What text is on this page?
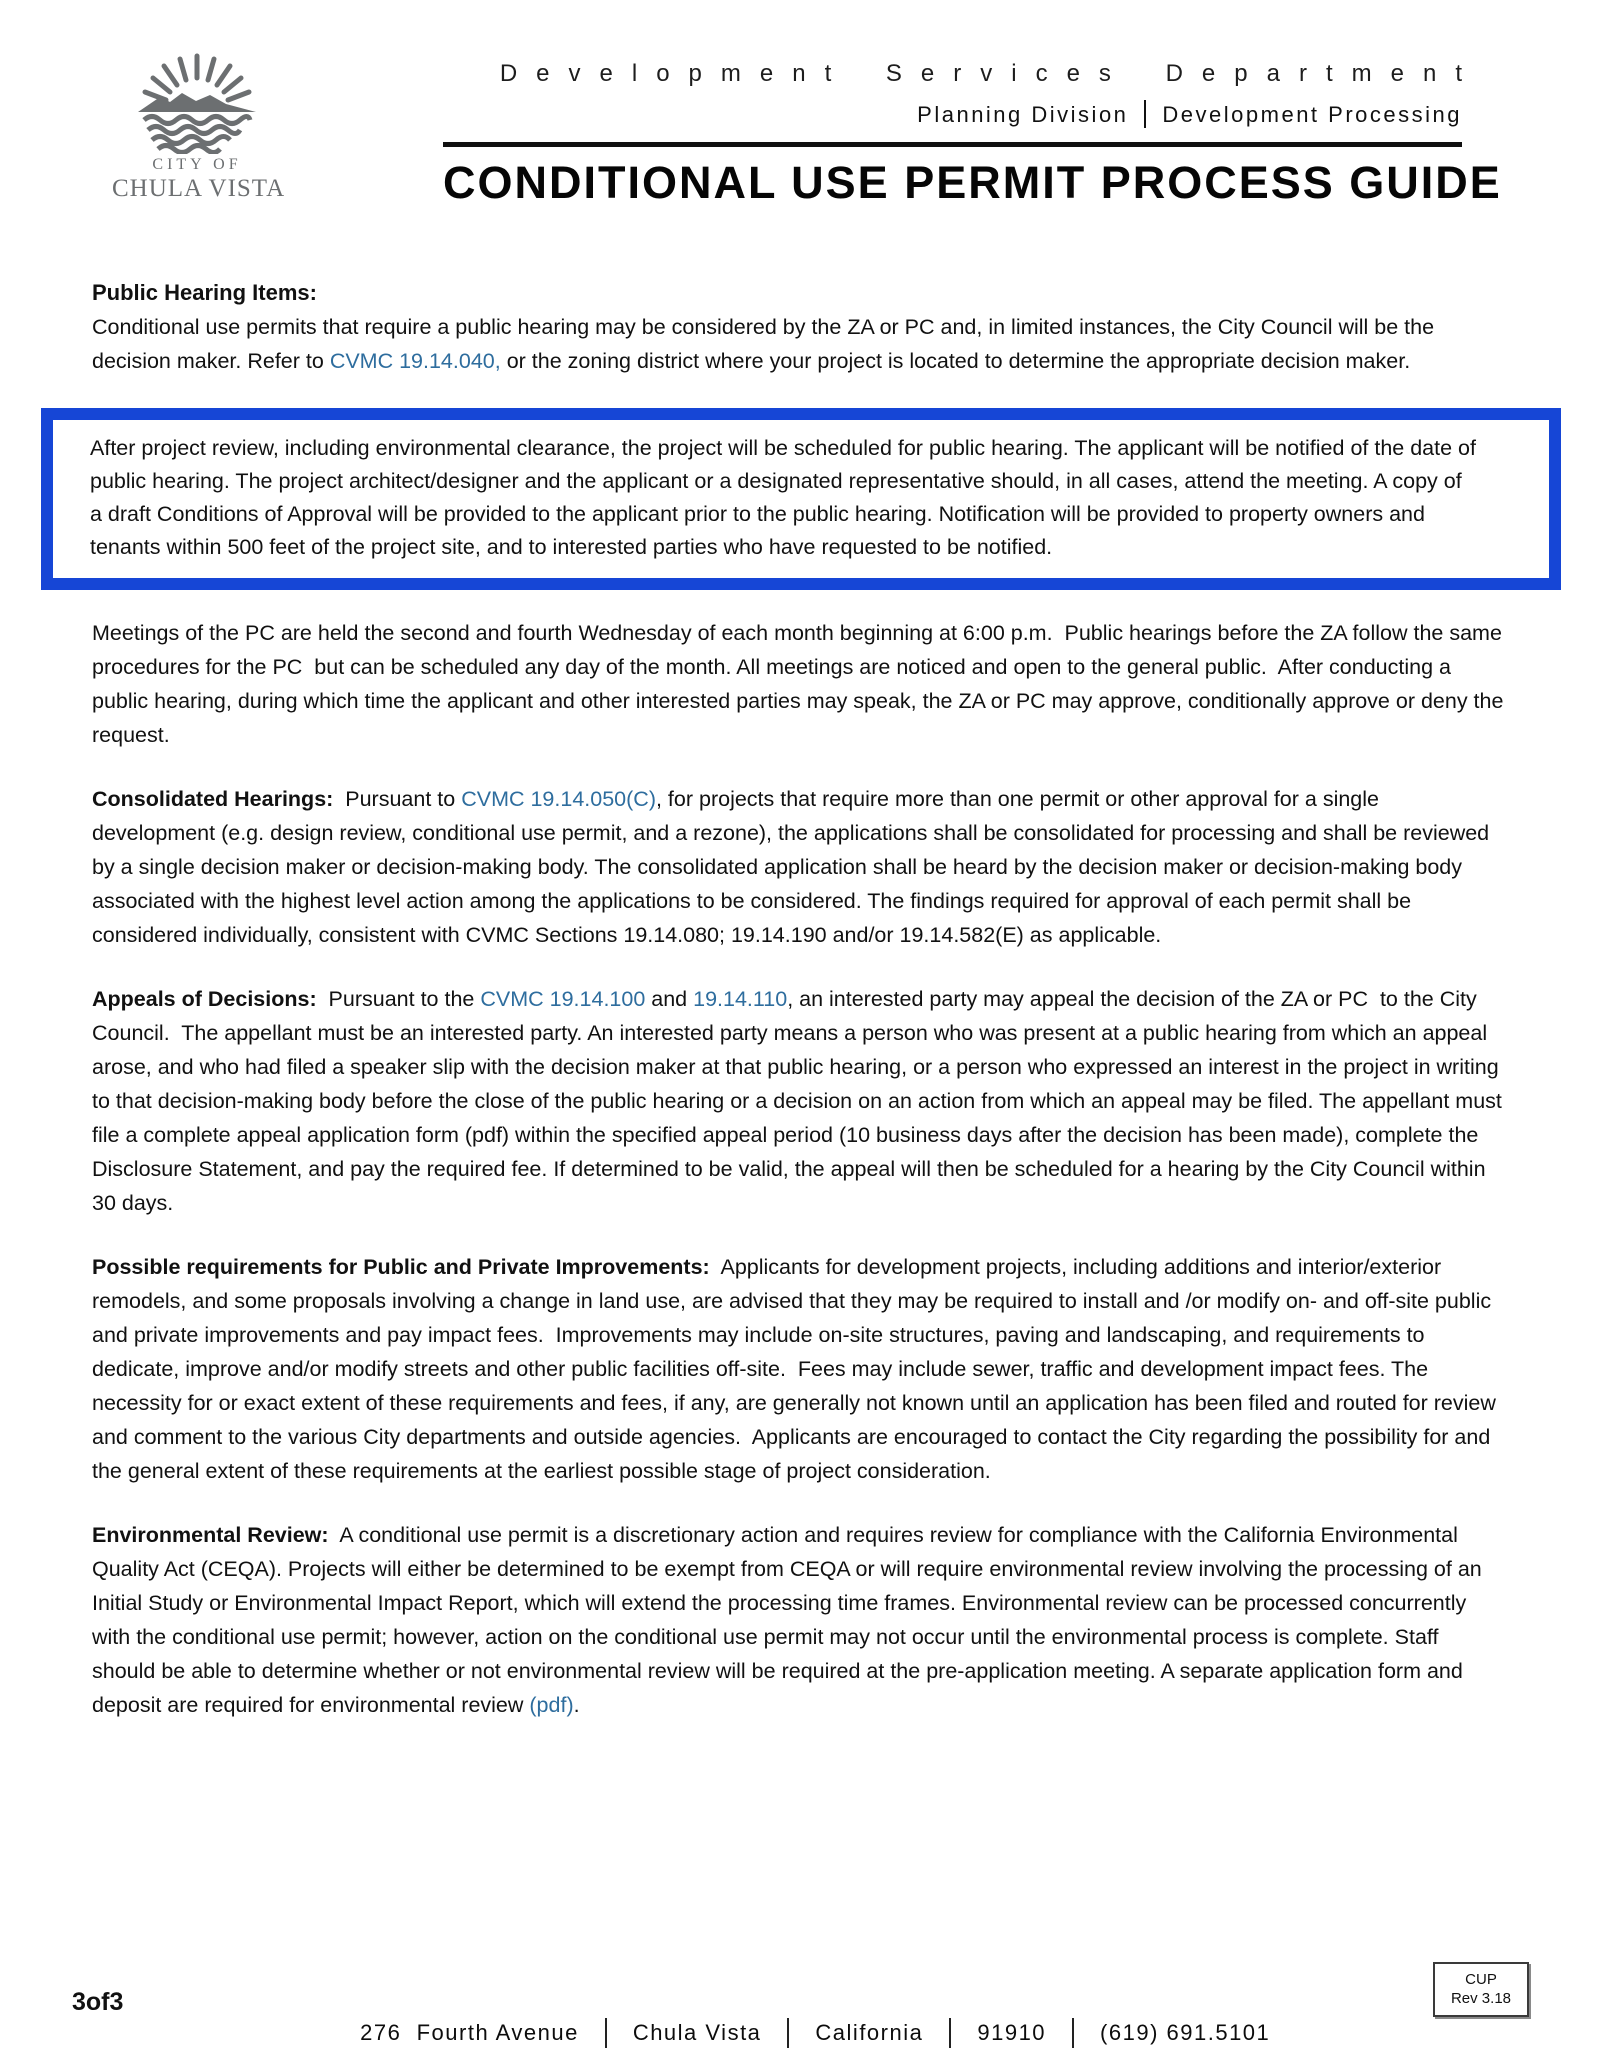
CITY OF
CHULA VISTA
Development Services Department
Planning Division Development Processing
CONDITIONAL USE PERMIT PROCESS GUIDE
Public Hearing Items:
Conditional use permits that require a public hearing may be considered by the ZA or PC and, in limited instances, the City Council will be the decision maker. Refer to CVMC 19.14.040, or the zoning district where your project is located to determine the appropriate decision maker.
After project review, including environmental clearance, the project will be scheduled for public hearing. The applicant will be notified of the date of public hearing. The project architect/designer and the applicant or a designated representative should, in all cases, attend the meeting. A copy of a draft Conditions of Approval will be provided to the applicant prior to the public hearing. Notification will be provided to property owners and tenants within 500 feet of the project site, and to interested parties who have requested to be notified.
Meetings of the PC are held the second and fourth Wednesday of each month beginning at 6:00 p.m.  Public hearings before the ZA follow the same procedures for the PC  but can be scheduled any day of the month. All meetings are noticed and open to the general public.  After conducting a public hearing, during which time the applicant and other interested parties may speak, the ZA or PC may approve, conditionally approve or deny the request.
Consolidated Hearings:  Pursuant to CVMC 19.14.050(C), for projects that require more than one permit or other approval for a single development (e.g. design review, conditional use permit, and a rezone), the applications shall be consolidated for processing and shall be reviewed by a single decision maker or decision-making body. The consolidated application shall be heard by the decision maker or decision-making body associated with the highest level action among the applications to be considered. The findings required for approval of each permit shall be considered individually, consistent with CVMC Sections 19.14.080; 19.14.190 and/or 19.14.582(E) as applicable.
Appeals of Decisions:  Pursuant to the CVMC 19.14.100 and 19.14.110, an interested party may appeal the decision of the ZA or PC  to the City Council.  The appellant must be an interested party. An interested party means a person who was present at a public hearing from which an appeal arose, and who had filed a speaker slip with the decision maker at that public hearing, or a person who expressed an interest in the project in writing to that decision-making body before the close of the public hearing or a decision on an action from which an appeal may be filed. The appellant must file a complete appeal application form (pdf) within the specified appeal period (10 business days after the decision has been made), complete the Disclosure Statement, and pay the required fee. If determined to be valid, the appeal will then be scheduled for a hearing by the City Council within 30 days.
Possible requirements for Public and Private Improvements:  Applicants for development projects, including additions and interior/exterior remodels, and some proposals involving a change in land use, are advised that they may be required to install and /or modify on- and off-site public and private improvements and pay impact fees.  Improvements may include on-site structures, paving and landscaping, and requirements to dedicate, improve and/or modify streets and other public facilities off-site.  Fees may include sewer, traffic and development impact fees. The necessity for or exact extent of these requirements and fees, if any, are generally not known until an application has been filed and routed for review and comment to the various City departments and outside agencies.  Applicants are encouraged to contact the City regarding the possibility for and the general extent of these requirements at the earliest possible stage of project consideration.
Environmental Review:  A conditional use permit is a discretionary action and requires review for compliance with the California Environmental Quality Act (CEQA). Projects will either be determined to be exempt from CEQA or will require environmental review involving the processing of an Initial Study or Environmental Impact Report, which will extend the processing time frames. Environmental review can be processed concurrently with the conditional use permit; however, action on the conditional use permit may not occur until the environmental process is complete. Staff should be able to determine whether or not environmental review will be required at the pre-application meeting. A separate application form and deposit are required for environmental review (pdf).
3of3

276  Fourth Avenue Chula Vista California 91910 (619) 691.5101

CUP
Rev 3.18
